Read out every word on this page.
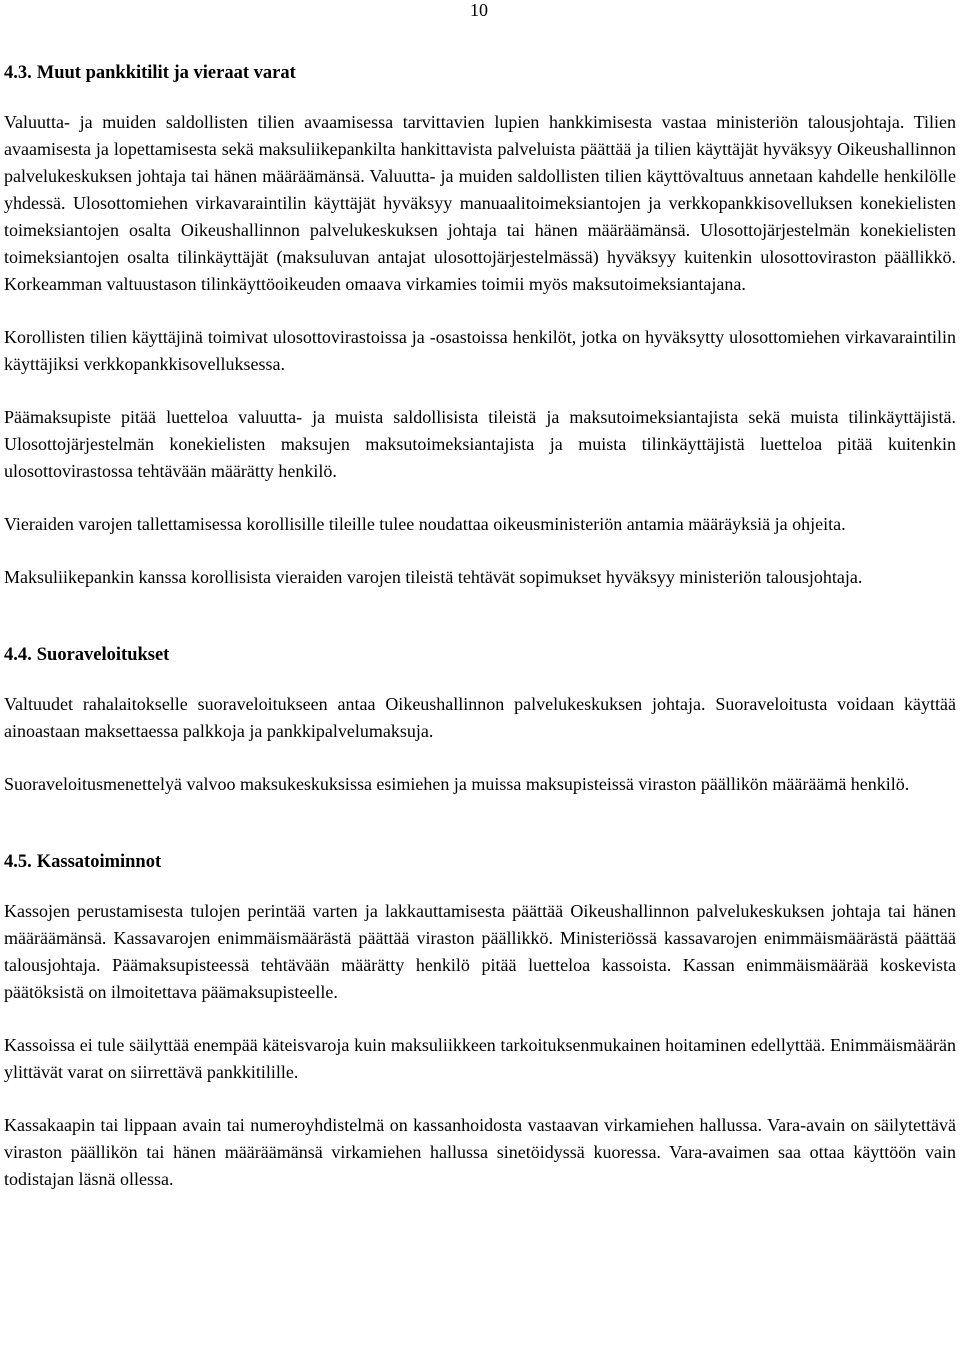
10
4.3. Muut pankkitilit ja vieraat varat

Valuutta- ja muiden saldollisten tilien avaamisessa tarvittavien lupien hankkimisesta vastaa ministeriön talousjohtaja. Tilien avaamisesta ja lopettamisesta sekä maksuliikepankilta hankittavista palveluista päättää ja tilien käyttäjät hyväksyy Oikeushallinnon palvelukeskuksen johtaja tai hänen määräämänsä. Valuutta- ja muiden saldollisten tilien käyttövaltuus annetaan kahdelle henkilölle yhdessä. Ulosottomiehen virkavaraintilin käyttäjät hyväksyy manuaalitoimeksiantojen ja verkkopankkisovelluksen konekielisten toimeksiantojen osalta Oikeushallinnon palvelukeskuksen johtaja tai hänen määräämänsä. Ulosottojärjestelmän konekielisten toimeksiantojen osalta tilinkäyttäjät (maksuluvan antajat ulosottojärjestelmässä) hyväksyy kuitenkin ulosottoviraston päällikkö. Korkeamman valtuustason tilinkäyttöoikeuden omaava virkamies toimii myös maksutoimeksiantajana.

Korollisten tilien käyttäjinä toimivat ulosottovirastoissa ja -osastoissa henkilöt, jotka on hyväksytty ulosottomiehen virkavaraintilin käyttäjiksi verkkopankkisovelluksessa.

Päämaksupiste pitää luetteloa valuutta- ja muista saldollisista tileistä ja maksutoimeksiantajista sekä muista tilinkäyttäjistä. Ulosottojärjestelmän konekielisten maksujen maksutoimeksiantajista ja muista tilinkäyttäjistä luetteloa pitää kuitenkin ulosottovirastossa tehtävään määrätty henkilö.

Vieraiden varojen tallettamisessa korollisille tileille tulee noudattaa oikeusministeriön antamia määräyksiä ja ohjeita.

Maksuliikepankin kanssa korollisista vieraiden varojen tileistä tehtävät sopimukset hyväksyy ministeriön talousjohtaja.

4.4. Suoraveloitukset

Valtuudet rahalaitokselle suoraveloitukseen antaa Oikeushallinnon palvelukeskuksen johtaja. Suoraveloitusta voidaan käyttää ainoastaan maksettaessa palkkoja ja pankkipalvelumaksuja.

Suoraveloitusmenettelyä valvoo maksukeskuksissa esimiehen ja muissa maksupisteissä viraston päällikön määräämä henkilö.

4.5. Kassatoiminnot

Kassojen perustamisesta tulojen perintää varten ja lakkauttamisesta päättää Oikeushallinnon palvelukeskuksen johtaja tai hänen määräämänsä. Kassavarojen enimmäismäärästä päättää viraston päällikkö. Ministeriössä kassavarojen enimmäismäärästä päättää talousjohtaja. Päämaksupisteessä tehtävään määrätty henkilö pitää luetteloa kassoista. Kassan enimmäismäärää koskevista päätöksistä on ilmoitettava päämaksupisteelle.

Kassoissa ei tule säilyttää enempää käteisvaroja kuin maksuliikkeen tarkoituksenmukainen hoitaminen edellyttää. Enimmäismäärän ylittävät varat on siirrettävä pankkitilille.

Kassakaapin tai lippaan avain tai numeroyhdistelmä on kassanhoidosta vastaavan virkamiehen hallussa. Vara-avain on säilytettävä viraston päällikön tai hänen määräämänsä virkamiehen hallussa sinetöidyssä kuoressa. Vara-avaimen saa ottaa käyttöön vain todistajan läsnä ollessa.
